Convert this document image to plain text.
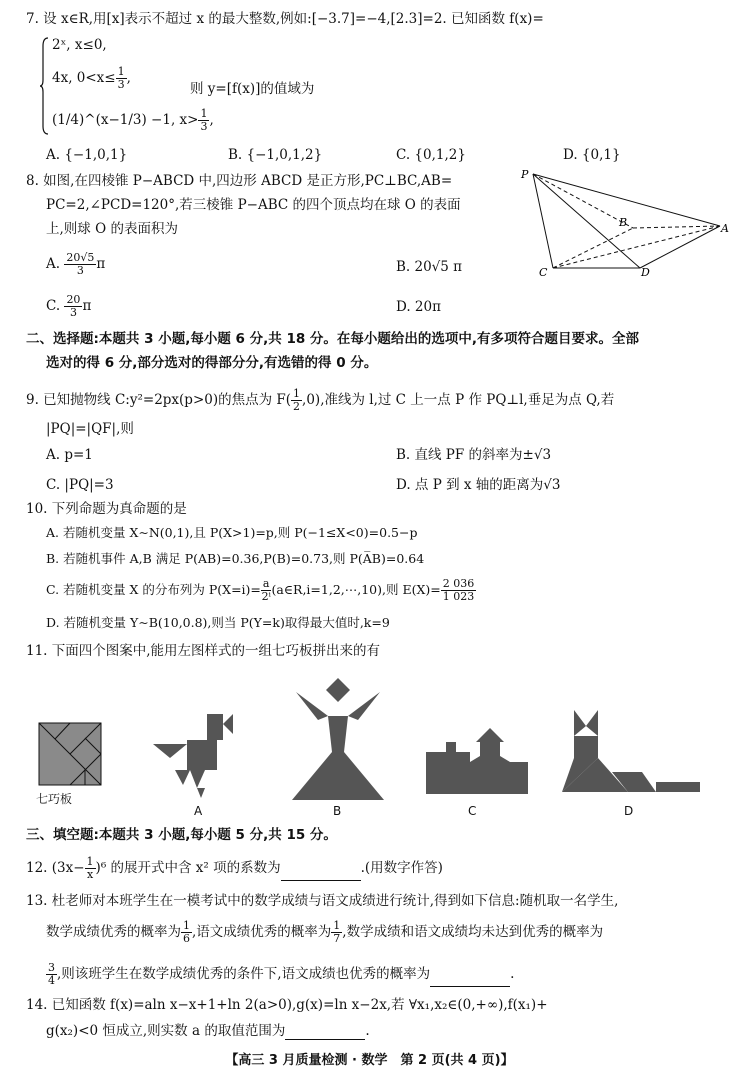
7. 设 x∈R,用[x]表示不超过 x 的最大整数,例如:[−3.7]=−4,[2.3]=2. 已知函数 f(x)=
2ˣ, x≤0,
4x, $0<x\le \frac{1}{3}$ ,
(1/4)^(x−1/3) −1, $x> \frac{1}{3}$ ,
则 y=[f(x)]的值域为
A. {−1,0,1}	B. {−1,0,1,2}	C. {0,1,2}	D. {0,1}
8. 如图,在四棱锥 P−ABCD 中,四边形 ABCD 是正方形,PC⊥BC,AB=
PC=2,∠PCD=120°,若三棱锥 P−ABC 的四个顶点均在球 O 的表面
上,则球 O 的表面积为
A. $\frac{20√5}{3}$ π	B. 20√5 π
C. $\frac{20}{3}$ π	D. 20π
P
B	A
C	D
二、选择题:本题共 3 小题,每小题 6 分,共 18 分。在每小题给出的选项中,有多项符合题目要求。全部
选对的得 6 分,部分选对的得部分分,有选错的得 0 分。
9. 已知抛物线 C:y²=2px(p>0)的焦点为 $F( \frac{1}{2} ,0)$,准线为 l,过 C 上一点 P 作 PQ⊥l,垂足为点 Q,若
|PQ|=|QF|,则
A. p=1	B. 直线 PF 的斜率为±√3
C. |PQ|=3	D. 点 P 到 x 轴的距离为√3
10. 下列命题为真命题的是
A. 若随机变量 X∼N(0,1),且 P(X>1)=p,则 P(−1≤X<0)=0.5−p
B. 若随机事件 A,B 满足 P(AB)=0.36,P(B)=0.73,则 P(A̅B)=0.64
C. 若随机变量 X 的分布列为 $P(X=i)= \frac{a}{\text{2ⁱ}}$ (a∈R,i=1,2,⋯,10),则 $E(X)= \frac{2 036}{1 023}$
D. 若随机变量 Y∼B(10,0.8),则当 P(Y=k)取得最大值时,k=9
11. 下面四个图案中,能用左图样式的一组七巧板拼出来的有
七巧板
A	B	C	D
三、填空题:本题共 3 小题,每小题 5 分,共 15 分。
12. $(3x- \frac{1}{x} )^6$ 的展开式中含 x² 项的系数为	.(用数字作答)
13. 杜老师对本班学生在一模考试中的数学成绩与语文成绩进行统计,得到如下信息:随机取一名学生,
数学成绩优秀的概率为 $\frac{1}{6}$ ,语文成绩优秀的概率为 $\frac{1}{7}$ ,数学成绩和语文成绩均未达到优秀的概率为
$\frac{3}{4}$ ,则该班学生在数学成绩优秀的条件下,语文成绩也优秀的概率为	.
14. 已知函数 f(x)=aln x−x+1+ln 2(a>0),g(x)=ln x−2x,若 ∀x₁,x₂∈(0,+∞),f(x₁)+
g(x₂)<0 恒成立,则实数 a 的取值范围为	.
【高三 3 月质量检测 · 数学　第 2 页(共 4 页)】
